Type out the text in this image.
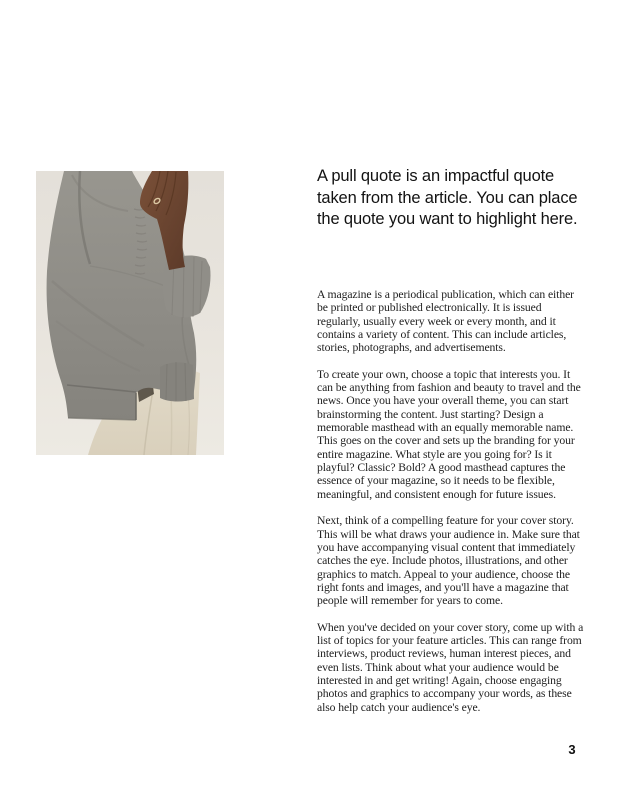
A pull quote is an impactful quote taken from the article. You can place the quote you want to highlight here.

A magazine is a periodical publication, which can either be printed or published electronically. It is issued regularly, usually every week or every month, and it contains a variety of content. This can include articles, stories, photographs, and advertisements.

To create your own, choose a topic that interests you. It can be anything from fashion and beauty to travel and the news. Once you have your overall theme, you can start brainstorming the content. Just starting? Design a memorable masthead with an equally memorable name. This goes on the cover and sets up the branding for your entire magazine. What style are you going for? Is it playful? Classic? Bold? A good masthead captures the essence of your magazine, so it needs to be flexible, meaningful, and consistent enough for future issues.

Next, think of a compelling feature for your cover story. This will be what draws your audience in. Make sure that you have accompanying visual content that immediately catches the eye. Include photos, illustrations, and other graphics to match. Appeal to your audience, choose the right fonts and images, and you'll have a magazine that people will remember for years to come.

When you've decided on your cover story, come up with a list of topics for your feature articles. This can range from interviews, product reviews, human interest pieces, and even lists. Think about what your audience would be interested in and get writing! Again, choose engaging photos and graphics to accompany your words, as these also help catch your audience's eye.

3
